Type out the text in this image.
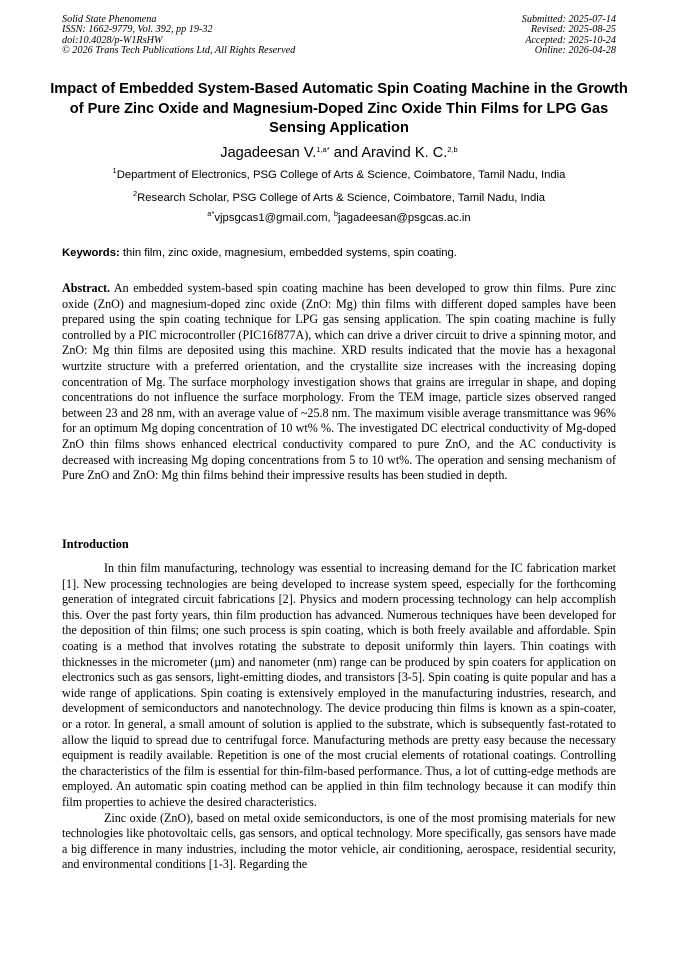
Solid State Phenomena
ISSN: 1662-9779, Vol. 392, pp 19-32
doi:10.4028/p-W1RsHW
© 2026 Trans Tech Publications Ltd, All Rights Reserved
Submitted: 2025-07-14
Revised: 2025-08-25
Accepted: 2025-10-24
Online: 2026-04-28
Impact of Embedded System-Based Automatic Spin Coating Machine in the Growth of Pure Zinc Oxide and Magnesium-Doped Zinc Oxide Thin Films for LPG Gas Sensing Application
Jagadeesan V.$^{1,a*}$ and Aravind K. C.$^{2,b}$
$^1$Department of Electronics, PSG College of Arts & Science, Coimbatore, Tamil Nadu, India
$^2$Research Scholar, PSG College of Arts & Science, Coimbatore, Tamil Nadu, India
$^{a*}$vjpsgcas1@gmail.com, $^b$jagadeesan@psgcas.ac.in
Keywords: thin film, zinc oxide, magnesium, embedded systems, spin coating.
Abstract. An embedded system-based spin coating machine has been developed to grow thin films. Pure zinc oxide (ZnO) and magnesium-doped zinc oxide (ZnO: Mg) thin films with different doped samples have been prepared using the spin coating technique for LPG gas sensing application. The spin coating machine is fully controlled by a PIC microcontroller (PIC16f877A), which can drive a driver circuit to drive a spinning motor, and ZnO: Mg thin films are deposited using this machine. XRD results indicated that the movie has a hexagonal wurtzite structure with a preferred orientation, and the crystallite size increases with the increasing doping concentration of Mg. The surface morphology investigation shows that grains are irregular in shape, and doping concentrations do not influence the surface morphology. From the TEM image, particle sizes observed ranged between 23 and 28 nm, with an average value of ~25.8 nm. The maximum visible average transmittance was 96% for an optimum Mg doping concentration of 10 wt% %. The investigated DC electrical conductivity of Mg-doped ZnO thin films shows enhanced electrical conductivity compared to pure ZnO, and the AC conductivity is decreased with increasing Mg doping concentrations from 5 to 10 wt%. The operation and sensing mechanism of Pure ZnO and ZnO: Mg thin films behind their impressive results has been studied in depth.
Introduction

In thin film manufacturing, technology was essential to increasing demand for the IC fabrication market [1]. New processing technologies are being developed to increase system speed, especially for the forthcoming generation of integrated circuit fabrications [2]. Physics and modern processing technology can help accomplish this. Over the past forty years, thin film production has advanced. Numerous techniques have been developed for the deposition of thin films; one such process is spin coating, which is both freely available and affordable. Spin coating is a method that involves rotating the substrate to deposit uniformly thin layers. Thin coatings with thicknesses in the micrometer (µm) and nanometer (nm) range can be produced by spin coaters for application on electronics such as gas sensors, light-emitting diodes, and transistors [3-5]. Spin coating is quite popular and has a wide range of applications. Spin coating is extensively employed in the manufacturing industries, research, and development of semiconductors and nanotechnology. The device producing thin films is known as a spin-coater, or a rotor. In general, a small amount of solution is applied to the substrate, which is subsequently fast-rotated to allow the liquid to spread due to centrifugal force. Manufacturing methods are pretty easy because the necessary equipment is readily available. Repetition is one of the most crucial elements of rotational coatings. Controlling the characteristics of the film is essential for thin-film-based performance. Thus, a lot of cutting-edge methods are employed. An automatic spin coating method can be applied in thin film technology because it can modify thin film properties to achieve the desired characteristics.

Zinc oxide (ZnO), based on metal oxide semiconductors, is one of the most promising materials for new technologies like photovoltaic cells, gas sensors, and optical technology. More specifically, gas sensors have made a big difference in many industries, including the motor vehicle, air conditioning, aerospace, residential security, and environmental conditions [1-3]. Regarding the
